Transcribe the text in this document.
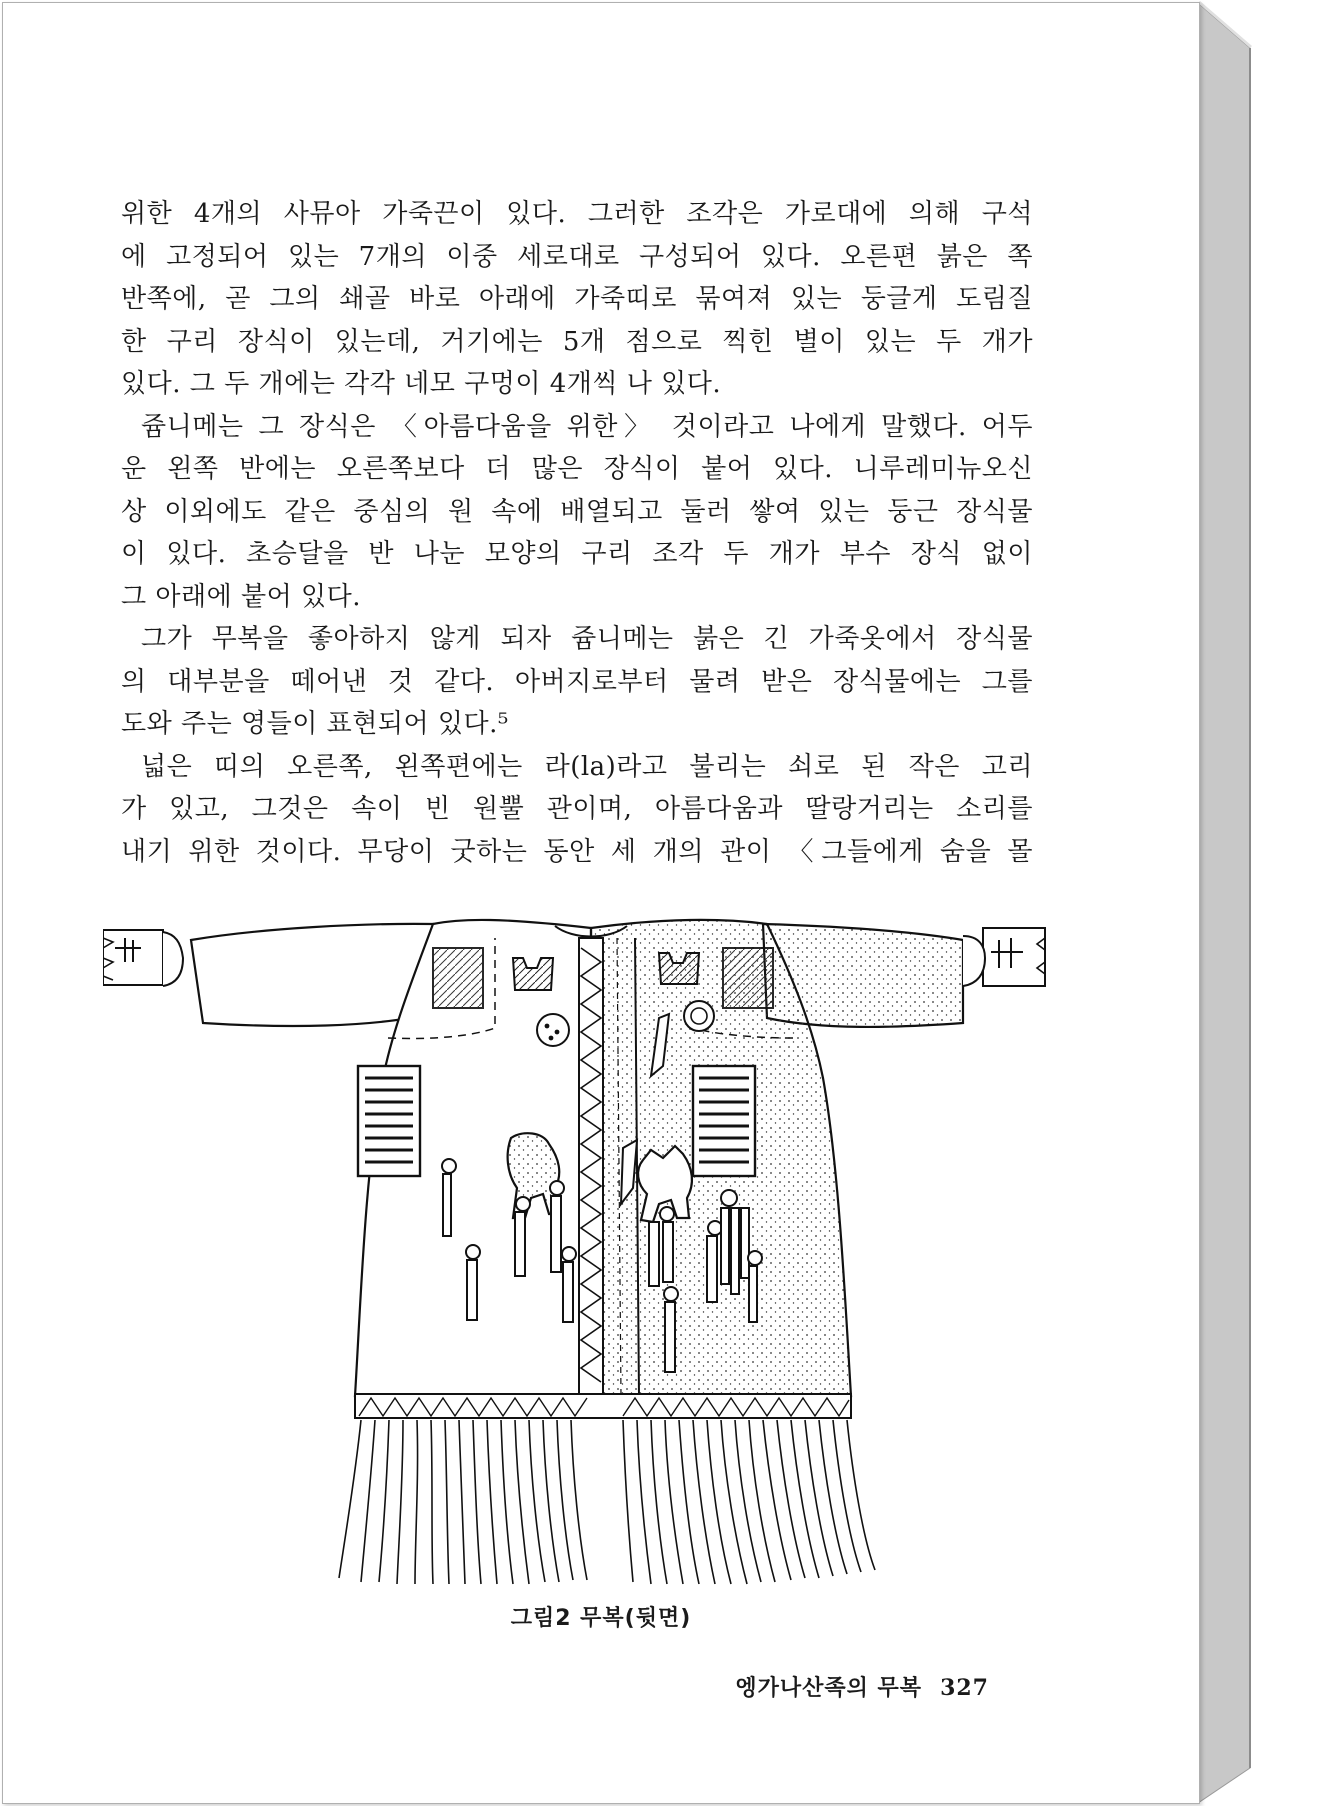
위한 4개의 사뮤아 가죽끈이 있다. 그러한 조각은 가로대에 의해 구석
에 고정되어 있는 7개의 이중 세로대로 구성되어 있다. 오른편 붉은 쪽
반쪽에, 곧 그의 쇄골 바로 아래에 가죽띠로 묶여져 있는 둥글게 도림질
한 구리 장식이 있는데, 거기에는 5개 점으로 찍힌 별이 있는 두 개가
있다. 그 두 개에는 각각 네모 구멍이 4개씩 나 있다.
쥼니메는 그 장식은 〈아름다움을 위한〉 것이라고 나에게 말했다. 어두
운 왼쪽 반에는 오른쪽보다 더 많은 장식이 붙어 있다. 니루레미뉴오신
상 이외에도 같은 중심의 원 속에 배열되고 둘러 쌓여 있는 둥근 장식물
이 있다. 초승달을 반 나눈 모양의 구리 조각 두 개가 부수 장식 없이
그 아래에 붙어 있다.
그가 무복을 좋아하지 않게 되자 쥼니메는 붉은 긴 가죽옷에서 장식물
의 대부분을 떼어낸 것 같다. 아버지로부터 물려 받은 장식물에는 그를
도와 주는 영들이 표현되어 있다.⁵
넓은 띠의 오른쪽, 왼쪽편에는 라(la)라고 불리는 쇠로 된 작은 고리
가 있고, 그것은 속이 빈 원뿔 관이며, 아름다움과 딸랑거리는 소리를
내기 위한 것이다. 무당이 굿하는 동안 세 개의 관이 〈그들에게 숨을 몰
그림2 무복(뒷면)
엥가나산족의 무복 327
